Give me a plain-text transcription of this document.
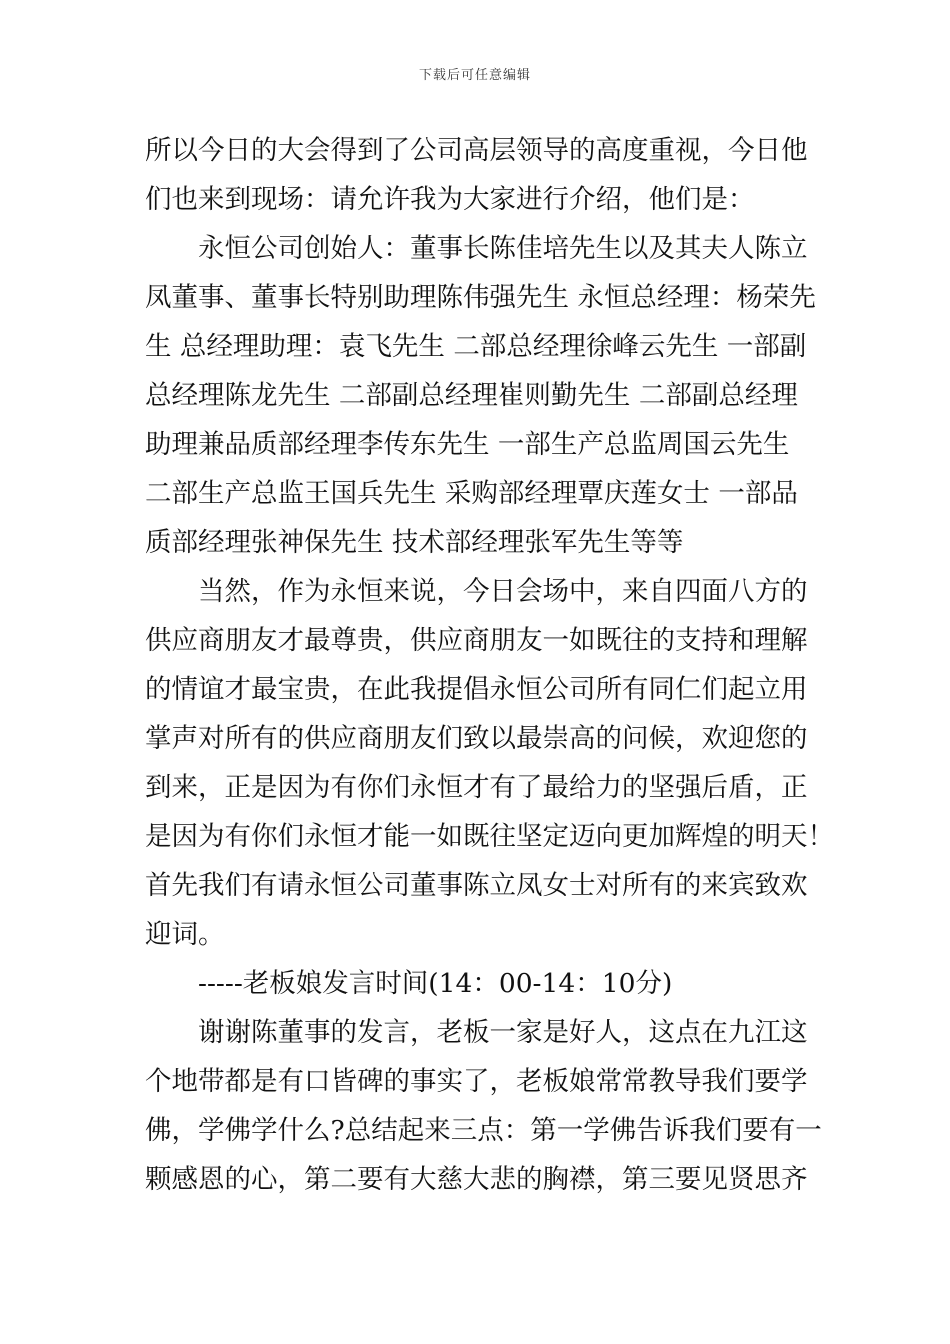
下载后可任意编辑
所以今日的大会得到了公司高层领导的高度重视，今日他
们也来到现场：请允许我为大家进行介绍，他们是：
永恒公司创始人：董事长陈佳培先生以及其夫人陈立
凤董事、董事长特别助理陈伟强先生 永恒总经理：杨荣先
生 总经理助理：袁飞先生 二部总经理徐峰云先生 一部副
总经理陈龙先生 二部副总经理崔则勤先生 二部副总经理
助理兼品质部经理李传东先生 一部生产总监周国云先生
二部生产总监王国兵先生 采购部经理覃庆莲女士 一部品
质部经理张神保先生 技术部经理张军先生等等
当然，作为永恒来说，今日会场中，来自四面八方的
供应商朋友才最尊贵，供应商朋友一如既往的支持和理解
的情谊才最宝贵，在此我提倡永恒公司所有同仁们起立用
掌声对所有的供应商朋友们致以最崇高的问候，欢迎您的
到来，正是因为有你们永恒才有了最给力的坚强后盾，正
是因为有你们永恒才能一如既往坚定迈向更加辉煌的明天！
首先我们有请永恒公司董事陈立凤女士对所有的来宾致欢
迎词。
-----老板娘发言时间(14：00-14：10分)
谢谢陈董事的发言，老板一家是好人，这点在九江这
个地带都是有口皆碑的事实了，老板娘常常教导我们要学
佛，学佛学什么?总结起来三点：第一学佛告诉我们要有一
颗感恩的心，第二要有大慈大悲的胸襟，第三要见贤思齐
